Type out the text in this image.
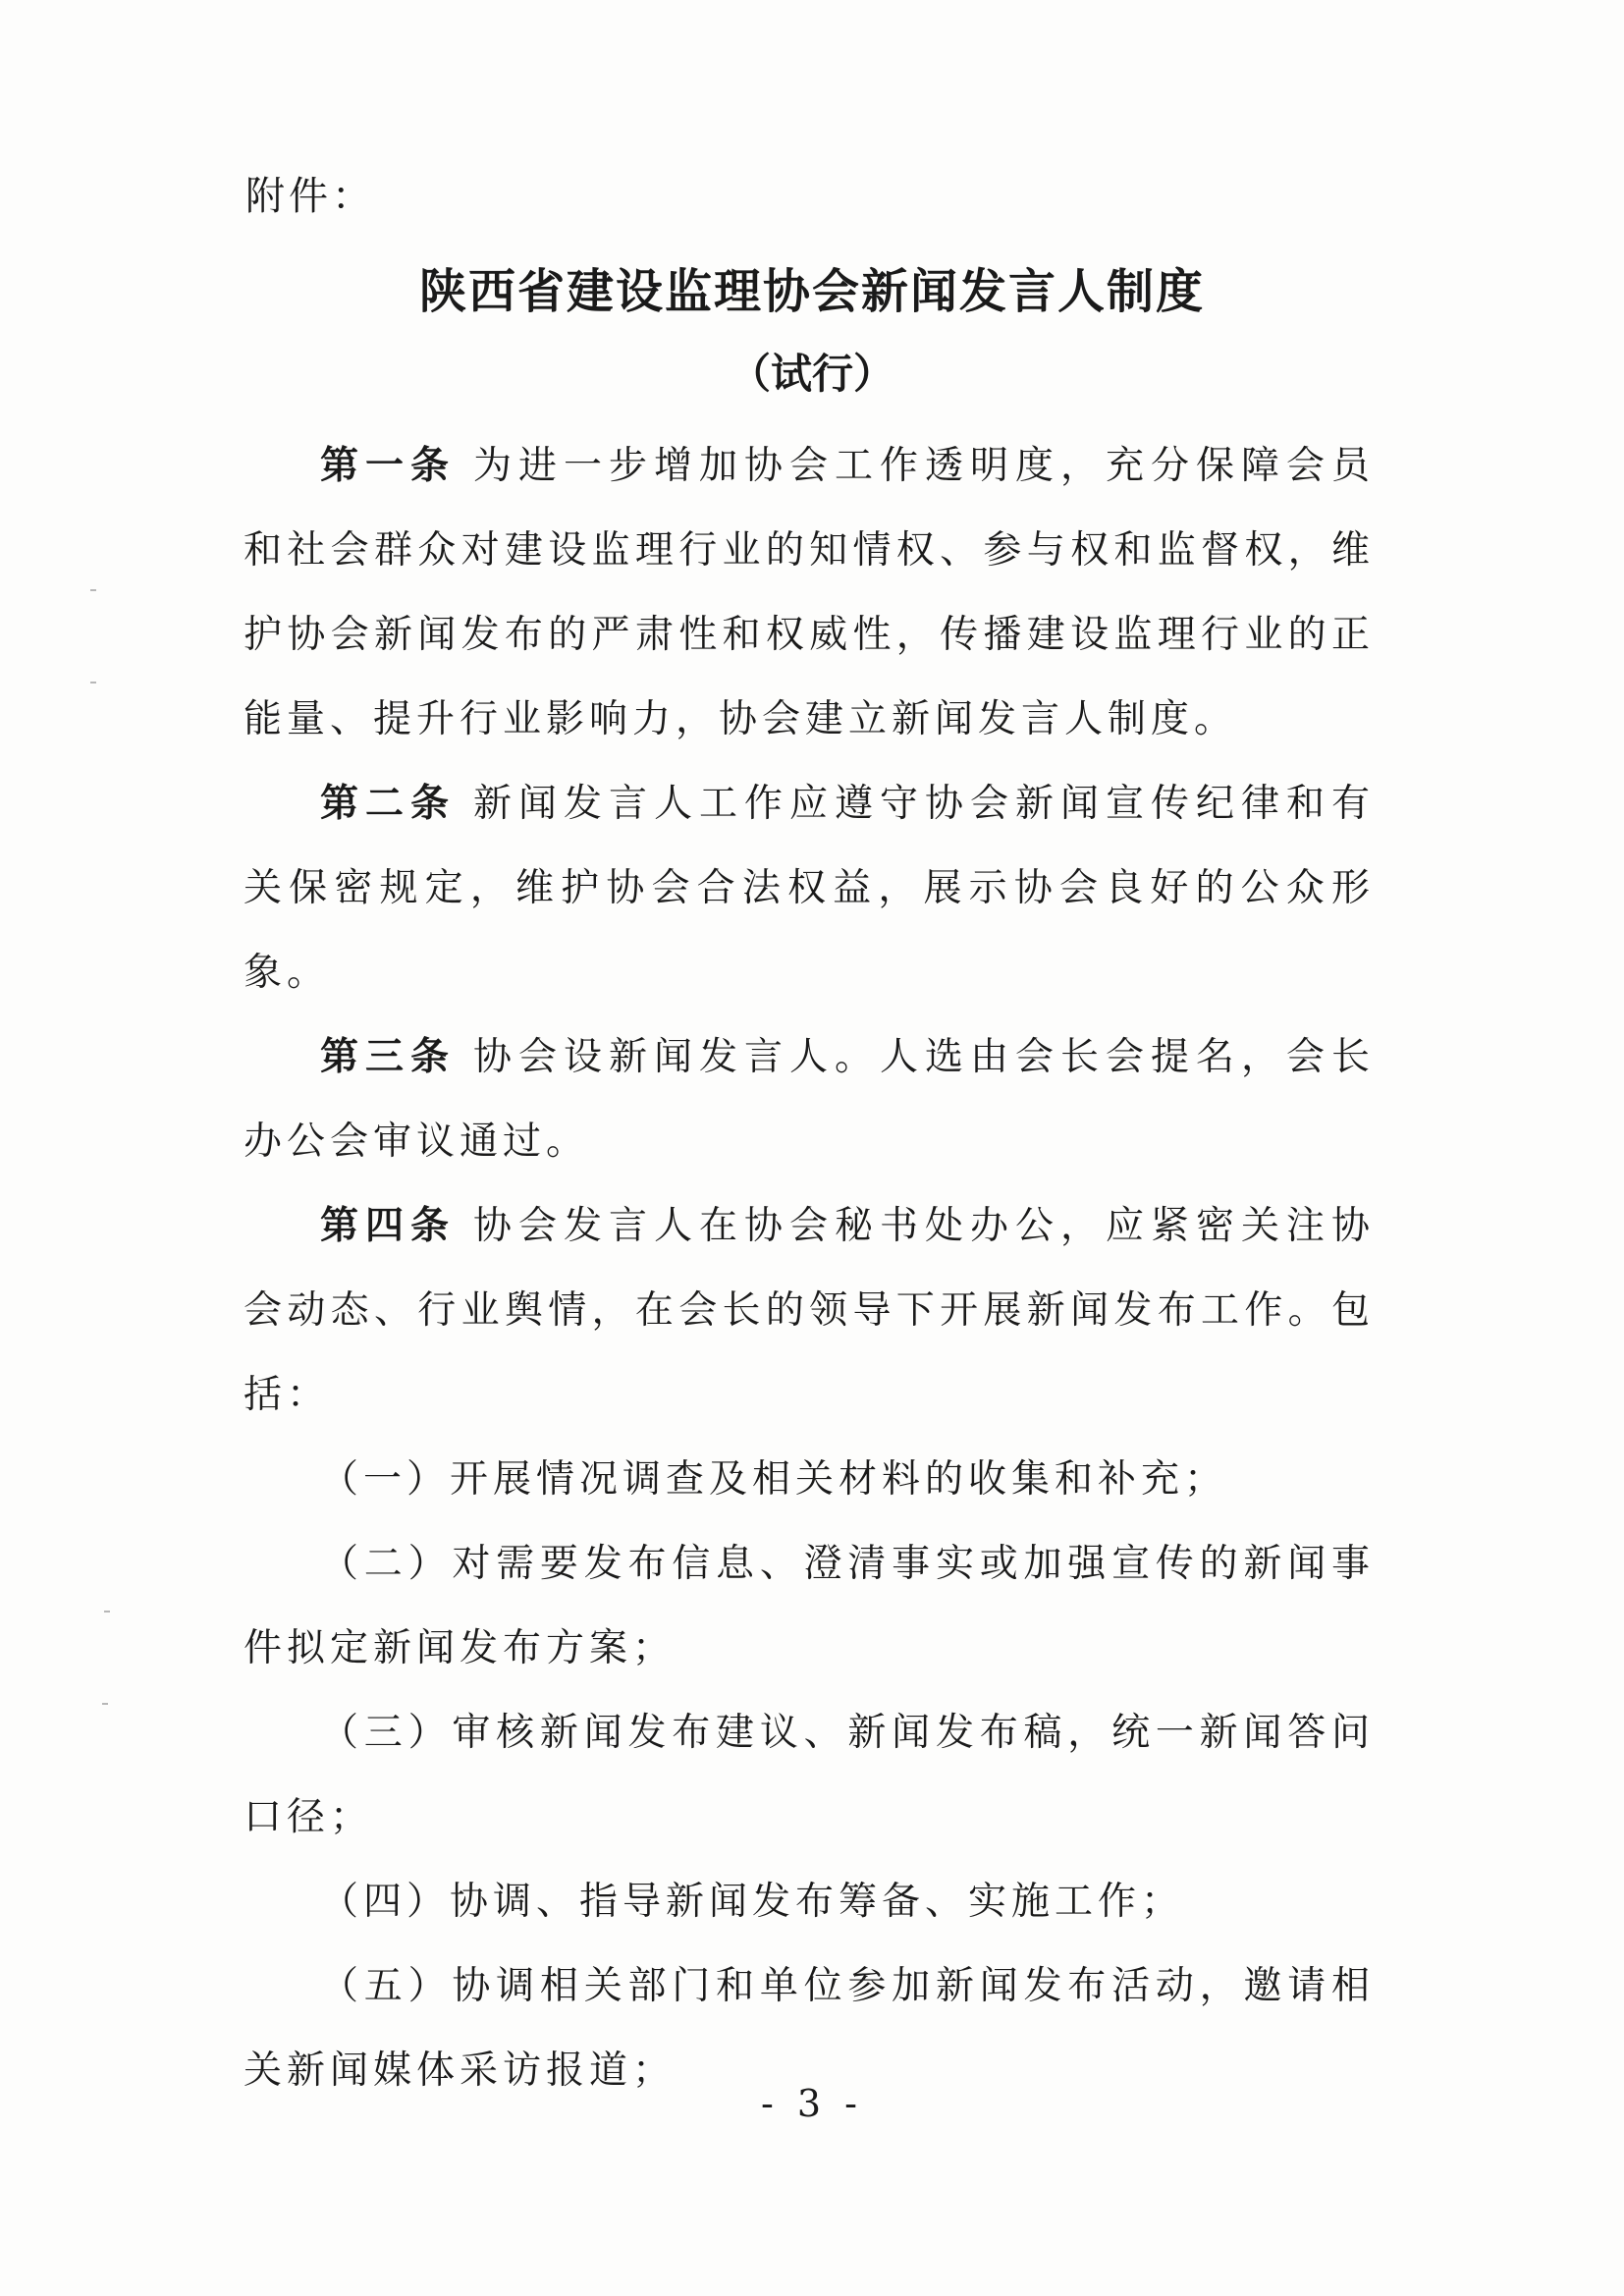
附件：
陕西省建设监理协会新闻发言人制度
（试行）

第一条 为进一步增加协会工作透明度，充分保障会员和社会群众对建设监理行业的知情权、参与权和监督权，维护协会新闻发布的严肃性和权威性，传播建设监理行业的正能量、提升行业影响力，协会建立新闻发言人制度。

第二条 新闻发言人工作应遵守协会新闻宣传纪律和有关保密规定，维护协会合法权益，展示协会良好的公众形象。

第三条 协会设新闻发言人。人选由会长会提名，会长办公会审议通过。

第四条 协会发言人在协会秘书处办公，应紧密关注协会动态、行业舆情，在会长的领导下开展新闻发布工作。包括：

（一）开展情况调查及相关材料的收集和补充；

（二）对需要发布信息、澄清事实或加强宣传的新闻事件拟定新闻发布方案；

（三）审核新闻发布建议、新闻发布稿，统一新闻答问口径；

（四）协调、指导新闻发布筹备、实施工作；

（五）协调相关部门和单位参加新闻发布活动，邀请相关新闻媒体采访报道；

- 3 -
